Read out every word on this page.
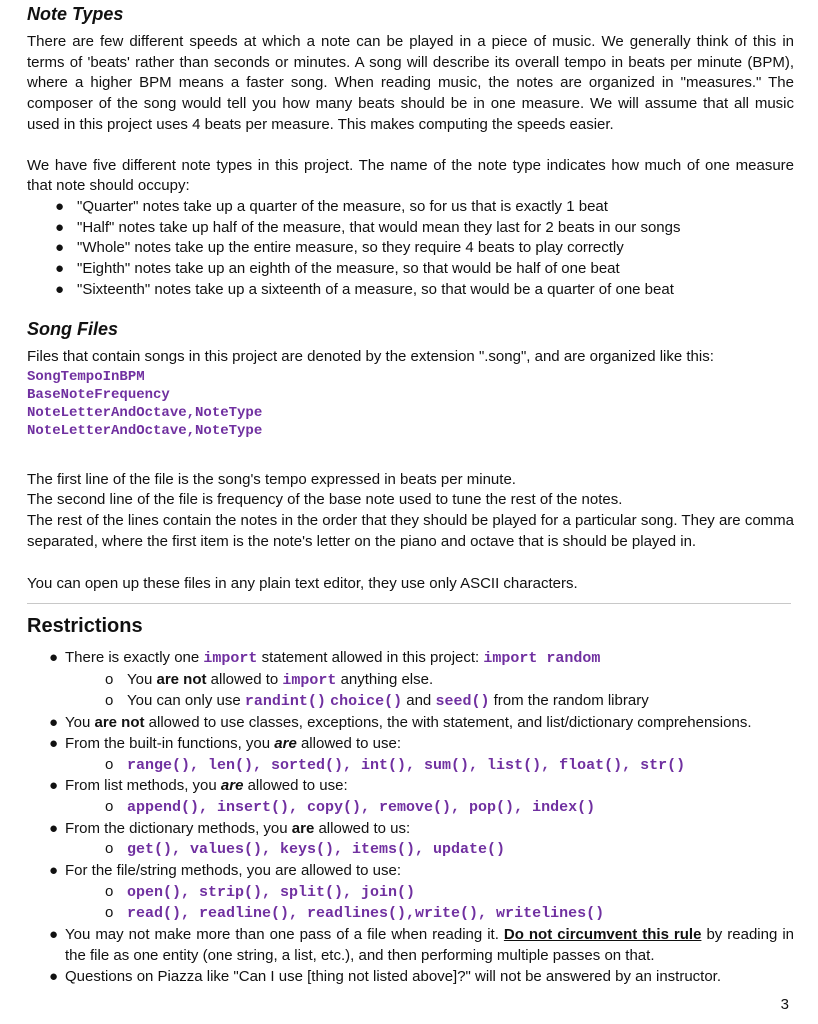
Note Types

There are few different speeds at which a note can be played in a piece of music. We generally think of this in terms of 'beats' rather than seconds or minutes. A song will describe its overall tempo in beats per minute (BPM), where a higher BPM means a faster song. When reading music, the notes are organized in "measures." The composer of the song would tell you how many beats should be in one measure. We will assume that all music used in this project uses 4 beats per measure. This makes computing the speeds easier.

We have five different note types in this project. The name of the note type indicates how much of one measure that note should occupy:

● "Quarter" notes take up a quarter of the measure, so for us that is exactly 1 beat
● "Half" notes take up half of the measure, that would mean they last for 2 beats in our songs
● "Whole" notes take up the entire measure, so they require 4 beats to play correctly
● "Eighth" notes take up an eighth of the measure, so that would be half of one beat
● "Sixteenth" notes take up a sixteenth of a measure, so that would be a quarter of one beat
Song Files

Files that contain songs in this project are denoted by the extension ".song", and are organized like this:

SongTempoInBPM
BaseNoteFrequency
NoteLetterAndOctave,NoteType
NoteLetterAndOctave,NoteType
The first line of the file is the song's tempo expressed in beats per minute.
The second line of the file is frequency of the base note used to tune the rest of the notes.

The rest of the lines contain the notes in the order that they should be played for a particular song. They are comma separated, where the first item is the note's letter on the piano and octave that is should be played in.

You can open up these files in any plain text editor, they use only ASCII characters.
Restrictions
● There is exactly one import statement allowed in this project: import random
o You are not allowed to import anything else.
o You can only use randint() choice() and seed() from the random library
● You are not allowed to use classes, exceptions, the with statement, and list/dictionary comprehensions.
● From the built-in functions, you are allowed to use:
o range(), len(), sorted(), int(), sum(), list(), float(), str()
● From list methods, you are allowed to use:
o append(), insert(), copy(), remove(), pop(), index()
● From the dictionary methods, you are allowed to us:
o get(), values(), keys(), items(), update()
● For the file/string methods, you are allowed to use:
o open(), strip(), split(), join()
o read(), readline(), readlines(),write(), writelines()
● You may not make more than one pass of a file when reading it. Do not circumvent this rule by reading in the file as one entity (one string, a list, etc.), and then performing multiple passes on that.
● Questions on Piazza like "Can I use [thing not listed above]?" will not be answered by an instructor.
3
